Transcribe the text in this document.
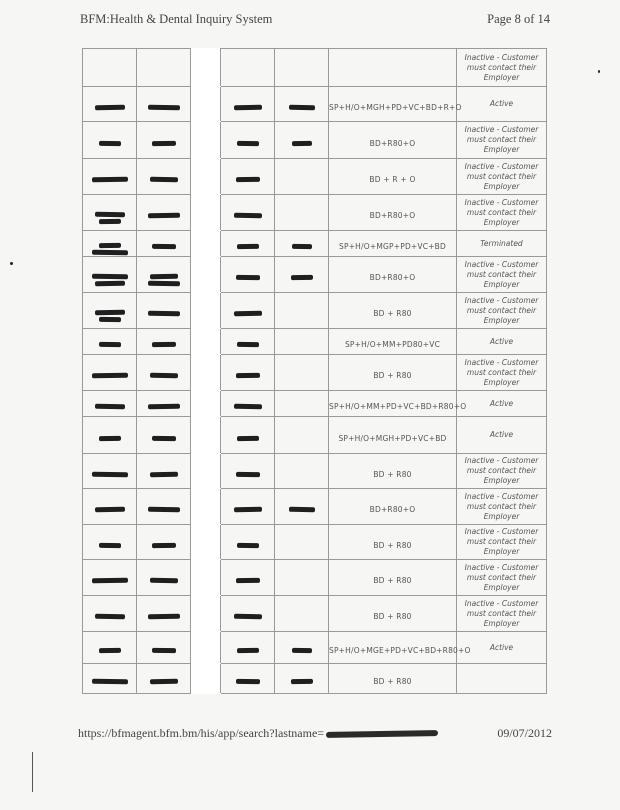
BFM:Health & Dental Inquiry System	Page 8 of 14

						Inactive - Customer must contact their Employer

	SP+H/O+MGH+PD+VC+BD+R+O	Active

	BD+R80+O	Inactive - Customer must contact their Employer

		BD + R + O	Inactive - Customer must contact their Employer

		BD+R80+O	Inactive - Customer must contact their Employer

	SP+H/O+MGP+PD+VC+BD	Terminated

	BD+R80+O	Inactive - Customer must contact their Employer

		BD + R80	Inactive - Customer must contact their Employer

		SP+H/O+MM+PD80+VC	Active

		BD + R80	Inactive - Customer must contact their Employer

		SP+H/O+MM+PD+VC+BD+R80+O	Active

		SP+H/O+MGH+PD+VC+BD	Active

		BD + R80	Inactive - Customer must contact their Employer

	BD+R80+O	Inactive - Customer must contact their Employer

		BD + R80	Inactive - Customer must contact their Employer

		BD + R80	Inactive - Customer must contact their Employer

		BD + R80	Inactive - Customer must contact their Employer

	SP+H/O+MGE+PD+VC+BD+R80+O	Active

	BD + R80	
https://bfmagent.bfm.bm/his/app/search?lastname=	09/07/2012
